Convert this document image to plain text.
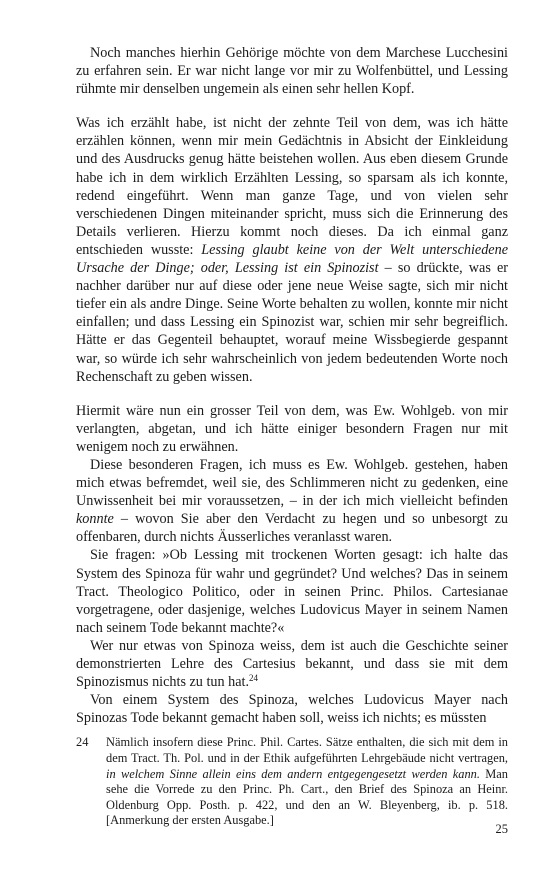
Noch manches hierhin Gehörige möchte von dem Marchese Lucchesini zu erfahren sein. Er war nicht lange vor mir zu Wolfenbüttel, und Lessing rühmte mir denselben ungemein als einen sehr hellen Kopf.

Was ich erzählt habe, ist nicht der zehnte Teil von dem, was ich hätte erzählen können, wenn mir mein Gedächtnis in Absicht der Einkleidung und des Ausdrucks genug hätte beistehen wollen. Aus eben diesem Grunde habe ich in dem wirklich Erzählten Lessing, so sparsam als ich konnte, redend eingeführt. Wenn man ganze Tage, und von vielen sehr verschiedenen Dingen miteinander spricht, muss sich die Erinnerung des Details verlieren. Hierzu kommt noch dieses. Da ich einmal ganz entschieden wusste: Lessing glaubt keine von der Welt unterschiedene Ursache der Dinge; oder, Lessing ist ein Spinozist – so drückte, was er nachher darüber nur auf diese oder jene neue Weise sagte, sich mir nicht tiefer ein als andre Dinge. Seine Worte behalten zu wollen, konnte mir nicht einfallen; und dass Lessing ein Spinozist war, schien mir sehr begreiflich. Hätte er das Gegenteil behauptet, worauf meine Wissbegierde gespannt war, so würde ich sehr wahrscheinlich von jedem bedeutenden Worte noch Rechenschaft zu geben wissen.

Hiermit wäre nun ein grosser Teil von dem, was Ew. Wohlgeb. von mir verlangten, abgetan, und ich hätte einiger besondern Fragen nur mit wenigem noch zu erwähnen.

Diese besonderen Fragen, ich muss es Ew. Wohlgeb. gestehen, haben mich etwas befremdet, weil sie, des Schlimmeren nicht zu gedenken, eine Unwissenheit bei mir voraussetzen, – in der ich mich vielleicht befinden konnte – wovon Sie aber den Verdacht zu hegen und so unbesorgt zu offenbaren, durch nichts Äusserliches veranlasst waren.

Sie fragen: »Ob Lessing mit trockenen Worten gesagt: ich halte das System des Spinoza für wahr und gegründet? Und welches? Das in seinem Tract. Theologico Politico, oder in seinen Princ. Philos. Cartesianae vorgetragene, oder dasjenige, welches Ludovicus Mayer in seinem Namen nach seinem Tode bekannt machte?«

Wer nur etwas von Spinoza weiss, dem ist auch die Geschichte seiner demonstrierten Lehre des Cartesius bekannt, und dass sie mit dem Spinozismus nichts zu tun hat.$^{24}$

Von einem System des Spinoza, welches Ludovicus Mayer nach Spinozas Tode bekannt gemacht haben soll, weiss ich nichts; es müssten

24 Nämlich insofern diese Princ. Phil. Cartes. Sätze enthalten, die sich mit dem in dem Tract. Th. Pol. und in der Ethik aufgeführten Lehrgebäude nicht vertragen, in welchem Sinne allein eins dem andern entgegengesetzt werden kann. Man sehe die Vorrede zu den Princ. Ph. Cart., den Brief des Spinoza an Heinr. Oldenburg Opp. Posth. p. 422, und den an W. Bleyenberg, ib. p. 518. [Anmerkung der ersten Ausgabe.]
25
